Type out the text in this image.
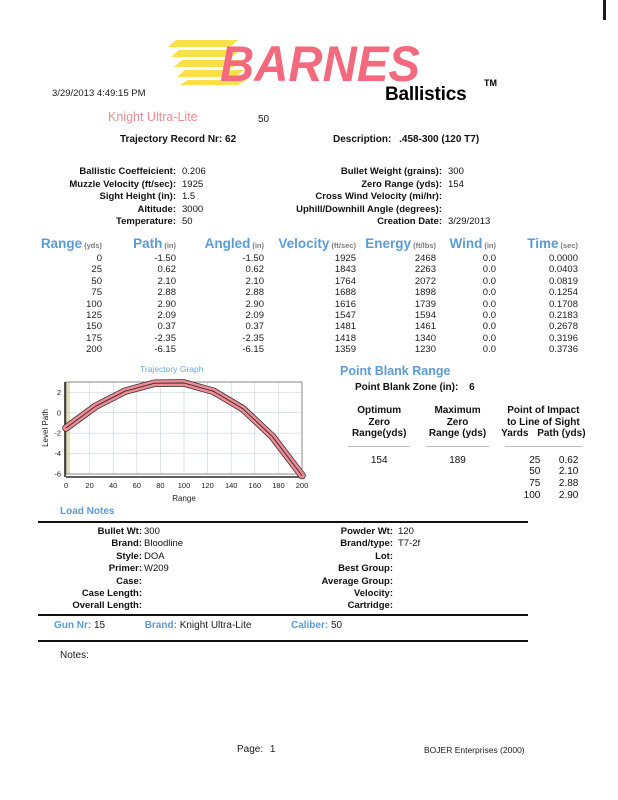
BARNES
3/29/2013 4:49:15 PM	Ballistics
TM
Knight Ultra-Lite	50
Trajectory Record Nr: 62	Description: .458-300 (120 T7)
Ballistic Coeffeicient: 0.206
Muzzle Velocity (ft/sec): 1925
Sight Height (in): 1.5
Altitude: 3000
Temperature: 50
Bullet Weight (grains): 300
Zero Range (yds): 154
Cross Wind Velocity (mi/hr):
Uphill/Downhill Angle (degrees):
Creation Date: 3/29/2013
Range (yds)	Path (in)	Angled (in)	Velocity (ft/sec)	Energy (ft/lbs)	Wind (in)	Time (sec)
0	-1.50	-1.50	1925	2468	0.0	0.0000
25	0.62	0.62	1843	2263	0.0	0.0403
50	2.10	2.10	1764	2072	0.0	0.0819
75	2.88	2.88	1688	1898	0.0	0.1254
100	2.90	2.90	1616	1739	0.0	0.1708
125	2.09	2.09	1547	1594	0.0	0.2183
150	0.37	0.37	1481	1461	0.0	0.2678
175	-2.35	-2.35	1418	1340	0.0	0.3196
200	-6.15	-6.15	1359	1230	0.0	0.3736
Trajectory Graph
0 20 40 60 80 100 120 140 160 180 200
-6
-4
-2
0
2
Range
Level Path
Point Blank Range
Point Blank Zone (in): 6
Optimum
Zero
Range(yds)
154
Maximum
Zero
Range (yds)
189
Point of Impact
to Line of Sight
Yards Path (yds)
25	0.62
50	2.10
75	2.88
100	2.90
Load Notes
Bullet Wt: 300
Brand: Bloodline
Style: DOA
Primer: W209
Case:
Case Length:
Overall Length:
Powder Wt: 120
Brand/type: T7-2f
Lot:
Best Group:
Average Group:
Velocity:
Cartridge:
Gun Nr: 15	Brand: Knight Ultra-Lite	Caliber: 50
Notes:
Page: 1	BOJER Enterprises (2000)
